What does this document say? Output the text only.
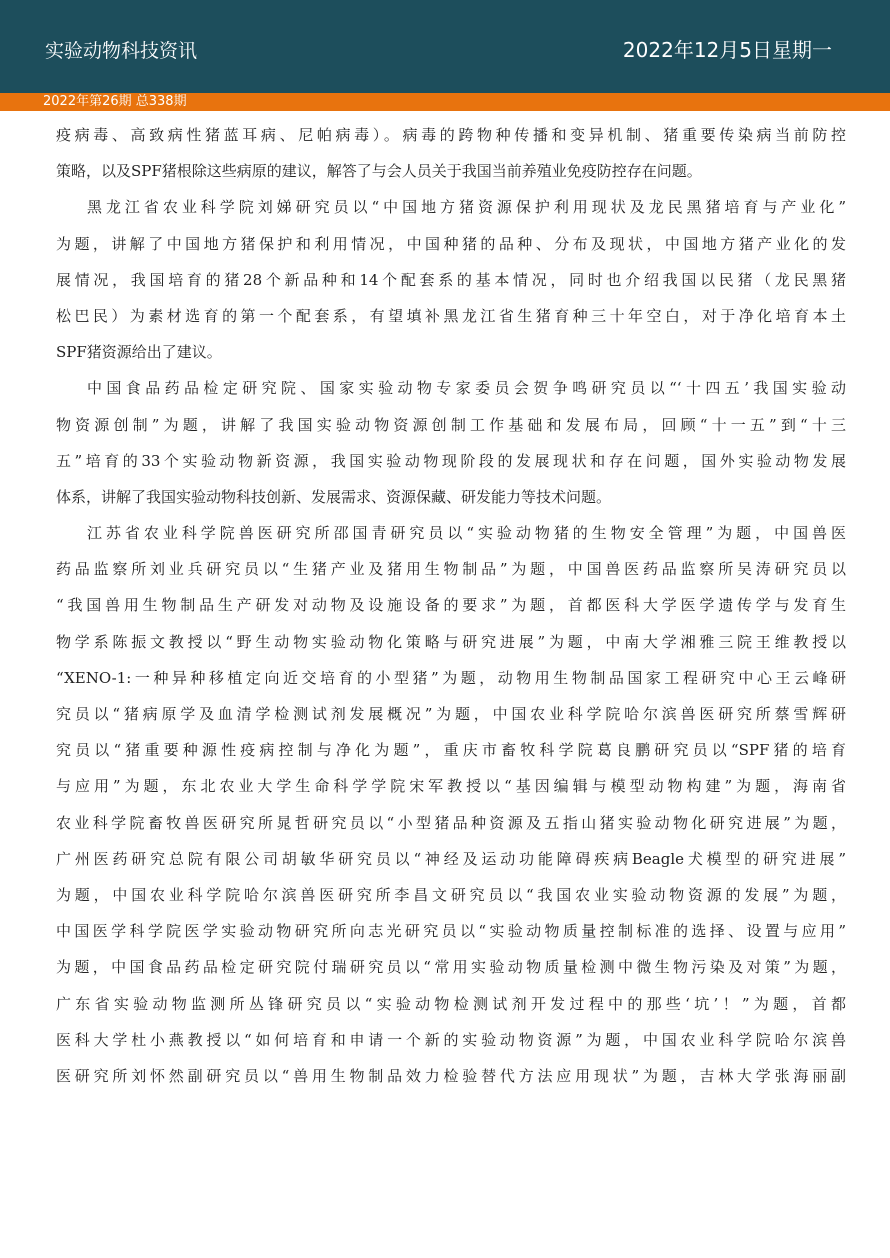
实验动物科技资讯	2022年12月5日星期一
2022年第26期 总338期
疫病毒、高致病性猪蓝耳病、尼帕病毒）。病毒的跨物种传播和变异机制、猪重要传染病当前防控
策略，以及SPF猪根除这些病原的建议，解答了与会人员关于我国当前养殖业免疫防控存在问题。
黑龙江省农业科学院刘娣研究员以“中国地方猪资源保护利用现状及龙民黑猪培育与产业化”
为题，讲解了中国地方猪保护和利用情况，中国种猪的品种、分布及现状，中国地方猪产业化的发
展情况，我国培育的猪28个新品种和14个配套系的基本情况，同时也介绍我国以民猪（龙民黑猪
松巴民）为素材选育的第一个配套系，有望填补黑龙江省生猪育种三十年空白，对于净化培育本土
SPF猪资源给出了建议。
中国食品药品检定研究院、国家实验动物专家委员会贺争鸣研究员以“‘十四五’我国实验动
物资源创制”为题，讲解了我国实验动物资源创制工作基础和发展布局，回顾“十一五”到“十三
五”培育的33个实验动物新资源，我国实验动物现阶段的发展现状和存在问题，国外实验动物发展
体系，讲解了我国实验动物科技创新、发展需求、资源保藏、研发能力等技术问题。
江苏省农业科学院兽医研究所邵国青研究员以“实验动物猪的生物安全管理”为题，中国兽医
药品监察所刘业兵研究员以“生猪产业及猪用生物制品”为题，中国兽医药品监察所吴涛研究员以
“我国兽用生物制品生产研发对动物及设施设备的要求”为题，首都医科大学医学遗传学与发育生
物学系陈振文教授以“野生动物实验动物化策略与研究进展”为题，中南大学湘雅三院王维教授以
“XENO-1:一种异种移植定向近交培育的小型猪”为题，动物用生物制品国家工程研究中心王云峰研
究员以“猪病原学及血清学检测试剂发展概况”为题，中国农业科学院哈尔滨兽医研究所蔡雪辉研
究员以“猪重要种源性疫病控制与净化为题”，重庆市畜牧科学院葛良鹏研究员以“SPF猪的培育
与应用”为题，东北农业大学生命科学学院宋军教授以“基因编辑与模型动物构建”为题，海南省
农业科学院畜牧兽医研究所晁哲研究员以“小型猪品种资源及五指山猪实验动物化研究进展”为题，
广州医药研究总院有限公司胡敏华研究员以“神经及运动功能障碍疾病Beagle犬模型的研究进展”
为题，中国农业科学院哈尔滨兽医研究所李昌文研究员以“我国农业实验动物资源的发展”为题，
中国医学科学院医学实验动物研究所向志光研究员以“实验动物质量控制标准的选择、设置与应用”
为题，中国食品药品检定研究院付瑞研究员以“常用实验动物质量检测中微生物污染及对策”为题，
广东省实验动物监测所丛锋研究员以“实验动物检测试剂开发过程中的那些‘坑’！”为题，首都
医科大学杜小燕教授以“如何培育和申请一个新的实验动物资源”为题，中国农业科学院哈尔滨兽
医研究所刘怀然副研究员以“兽用生物制品效力检验替代方法应用现状”为题，吉林大学张海丽副
